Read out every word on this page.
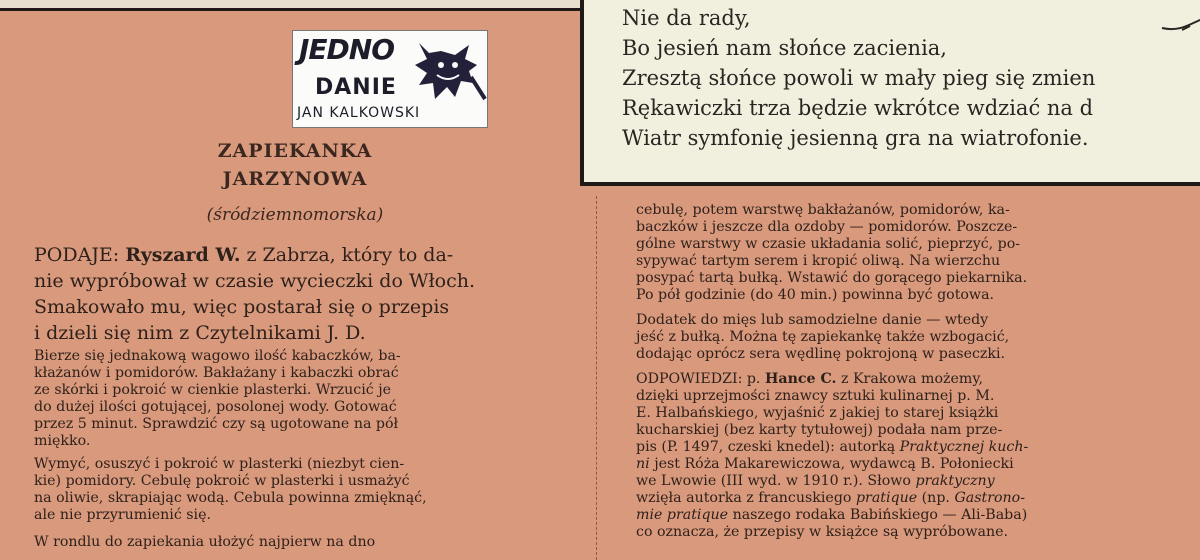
Nie da rady,
Bo jesień nam słońce zacienia,
Zresztą słońce powoli w mały pieg się zmien
Rękawiczki trza będzie wkrótce wdziać na d
Wiatr symfonię jesienną gra na wiatrofonie.
JEDNO
DANIE
JAN KALKOWSKI
ZAPIEKANKA
JARZYNOWA
(śródziemnomorska)
PODAJE: Ryszard W. z Zabrza, który to da-
nie wypróbował w czasie wycieczki do Włoch.
Smakowało mu, więc postarał się o przepis
i dzieli się nim z Czytelnikami J. D.
Bierze się jednakową wagowo ilość kabaczków, ba-
kłażanów i pomidorów. Bakłażany i kabaczki obrać
ze skórki i pokroić w cienkie plasterki. Wrzucić je
do dużej ilości gotującej, posolonej wody. Gotować
przez 5 minut. Sprawdzić czy są ugotowane na pół
miękko.
Wymyć, osuszyć i pokroić w plasterki (niezbyt cien-
kie) pomidory. Cebulę pokroić w plasterki i usmażyć
na oliwie, skrapiając wodą. Cebula powinna zmięknąć,
ale nie przyrumienić się.
W rondlu do zapiekania ułożyć najpierw na dno
cebulę, potem warstwę bakłażanów, pomidorów, ka-
baczków i jeszcze dla ozdoby — pomidorów. Poszcze-
gólne warstwy w czasie układania solić, pieprzyć, po-
sypywać tartym serem i kropić oliwą. Na wierzchu
posypać tartą bułką. Wstawić do gorącego piekarnika.
Po pół godzinie (do 40 min.) powinna być gotowa.
Dodatek do mięs lub samodzielne danie — wtedy
jeść z bułką. Można tę zapiekankę także wzbogacić,
dodając oprócz sera wędlinę pokrojoną w paseczki.
ODPOWIEDZI: p. Hance C. z Krakowa możemy,
dzięki uprzejmości znawcy sztuki kulinarnej p. M.
E. Halbańskiego, wyjaśnić z jakiej to starej książki
kucharskiej (bez karty tytułowej) podała nam prze-
pis (P. 1497, czeski knedel): autorką Praktycznej kuch-
ni jest Róża Makarewiczowa, wydawcą B. Połoniecki
we Lwowie (III wyd. w 1910 r.). Słowo praktyczny
wzięła autorka z francuskiego pratique (np. Gastrono-
mie pratique naszego rodaka Babińskiego — Ali-Baba)
co oznacza, że przepisy w książce są wypróbowane.
